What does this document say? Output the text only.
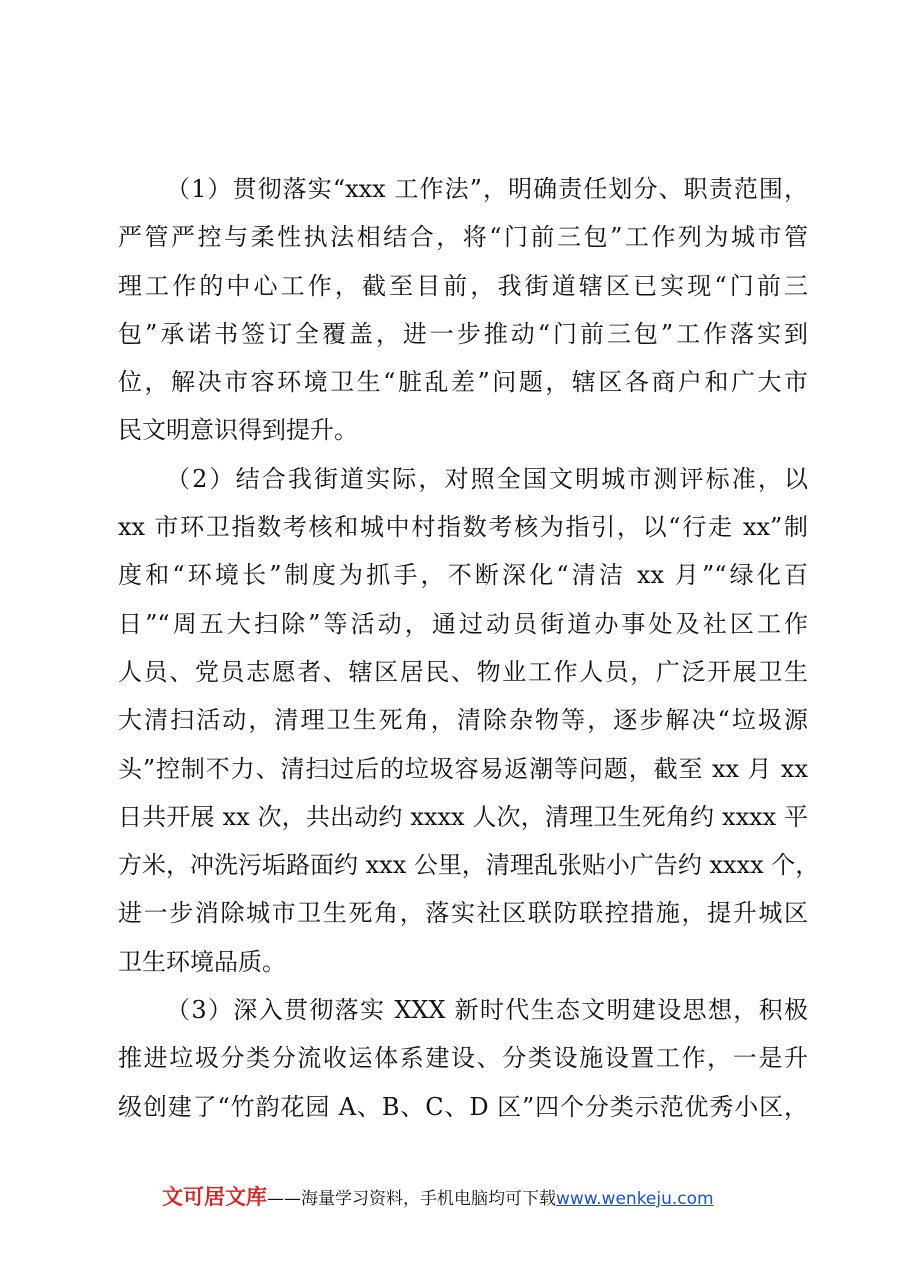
（1）贯彻落实“xxx 工作法”，明确责任划分、职责范围，
严管严控与柔性执法相结合，将“门前三包”工作列为城市管
理工作的中心工作，截至目前，我街道辖区已实现“门前三
包”承诺书签订全覆盖，进一步推动“门前三包”工作落实到
位，解决市容环境卫生“脏乱差”问题，辖区各商户和广大市
民文明意识得到提升。
（2）结合我街道实际，对照全国文明城市测评标准，以
xx 市环卫指数考核和城中村指数考核为指引，以“行走 xx”制
度和“环境长”制度为抓手，不断深化“清洁 xx 月”“绿化百
日”“周五大扫除”等活动，通过动员街道办事处及社区工作
人员、党员志愿者、辖区居民、物业工作人员，广泛开展卫生
大清扫活动，清理卫生死角，清除杂物等，逐步解决“垃圾源
头”控制不力、清扫过后的垃圾容易返潮等问题，截至 xx 月 xx
日共开展 xx 次，共出动约 xxxx 人次，清理卫生死角约 xxxx 平
方米，冲洗污垢路面约 xxx 公里，清理乱张贴小广告约 xxxx 个，
进一步消除城市卫生死角，落实社区联防联控措施，提升城区
卫生环境品质。
（3）深入贯彻落实 XXX 新时代生态文明建设思想，积极
推进垃圾分类分流收运体系建设、分类设施设置工作，一是升
级创建了“竹韵花园 A、B、C、D 区”四个分类示范优秀小区，
文可居文库——海量学习资料，手机电脑均可下载www.wenkeju.com
